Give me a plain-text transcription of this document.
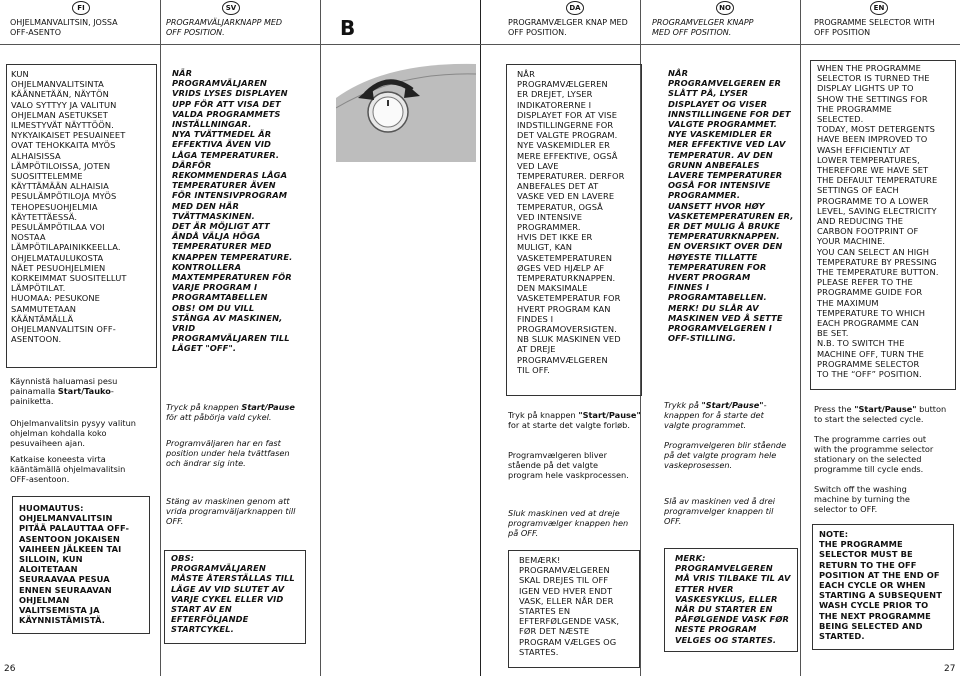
FI	SV	DA	NO	EN
OHJELMANVALITSIN, JOSSA
OFF-ASENTO
PROGRAMVÄLJARKNAPP MED
OFF POSITION.	B	PROGRAMVÆLGER KNAP MED
OFF POSITION.
PROGRAMVELGER KNAPP
MED OFF POSITION.
PROGRAMME SELECTOR WITH
OFF POSITION
KUN
OHJELMANVALITSINTA
KÄÄNNETÄÄN, NÄYTÖN
VALO SYTTYY JA VALITUN
OHJELMAN ASETUKSET
ILMESTYVÄT NÄYTTÖÖN.
NYKYAIKAISET PESUAINEET
OVAT TEHOKKAITA MYÖS
ALHAISISSA
LÄMPÖTILOISSA, JOTEN
SUOSITTELEMME
KÄYTTÄMÄÄN ALHAISIA
PESULÄMPÖTILOJA MYÖS
TEHOPESUOHJELMIA
KÄYTETTÄESSÄ.
PESULÄMPÖTILAA VOI
NOSTAA
LÄMPÖTILAPAINIKKEELLA.
OHJELMATAULUKOSTA
NÄET PESUOHJELMIEN
KORKEIMMAT SUOSITELLUT
LÄMPÖTILAT.
HUOMAA: PESUKONE
SAMMUTETAAN
KÄÄNTÄMÄLLÄ
OHJELMANVALITSIN OFF-
ASENTOON.
Käynnistä haluamasi pesu
painamalla Start/Tauko-
painiketta.
Ohjelmanvalitsin pysyy valitun
ohjelman kohdalla koko
pesuvaiheen ajan.
Katkaise koneesta virta
kääntämällä ohjelmavalitsin
OFF-asentoon.
HUOMAUTUS:
OHJELMANVALITSIN
PITÄÄ PALAUTTAA OFF-
ASENTOON JOKAISEN
VAIHEEN JÄLKEEN TAI
SILLOIN, KUN
ALOITETAAN
SEURAAVAA PESUA
ENNEN SEURAAVAN
OHJELMAN
VALITSEMISTA JA
KÄYNNISTÄMISTÄ.
NÄR
PROGRAMVÄLJAREN
VRIDS LYSES DISPLAYEN
UPP FÖR ATT VISA DET
VALDA PROGRAMMETS
INSTÄLLNINGAR.
NYA TVÄTTMEDEL ÄR
EFFEKTIVA ÄVEN VID
LÅGA TEMPERATURER.
DÄRFÖR
REKOMMENDERAS LÅGA
TEMPERATURER ÄVEN
FÖR INTENSIVPROGRAM
MED DEN HÄR
TVÄTTMASKINEN.
DET ÄR MÖJLIGT ATT
ÄNDÅ VÄLJA HÖGA
TEMPERATURER MED
KNAPPEN TEMPERATURE.
KONTROLLERA
MAXTEMPERATUREN FÖR
VARJE PROGRAM I
PROGRAMTABELLEN
OBS! OM DU VILL
STÄNGA AV MASKINEN,
VRID
PROGRAMVÄLJAREN TILL
LÄGET "OFF".
Tryck på knappen Start/Pause
för att påbörja vald cykel.
Programväljaren har en fast
position under hela tvättfasen
och ändrar sig inte.
Stäng av maskinen genom att
vrida programväljarknappen till
OFF.
OBS:
PROGRAMVÄLJAREN
MÅSTE ÅTERSTÄLLAS TILL
LÄGE AV VID SLUTET AV
VARJE CYKEL ELLER VID
START AV EN
EFTERFÖLJANDE
STARTCYKEL.
NÅR
PROGRAMVÆLGEREN
ER DREJET, LYSER
INDIKATORERNE I
DISPLAYET FOR AT VISE
INDSTILLINGERNE FOR
DET VALGTE PROGRAM.
NYE VASKEMIDLER ER
MERE EFFEKTIVE, OGSÅ
VED LAVE
TEMPERATURER. DERFOR
ANBEFALES DET AT
VASKE VED EN LAVERE
TEMPERATUR, OGSÅ
VED INTENSIVE
PROGRAMMER.
HVIS DET IKKE ER
MULIGT, KAN
VASKETEMPERATUREN
ØGES VED HJÆLP AF
TEMPERATURKNAPPEN.
DEN MAKSIMALE
VASKETEMPERATUR FOR
HVERT PROGRAM KAN
FINDES I
PROGRAMOVERSIGTEN.
NB SLUK MASKINEN VED
AT DREJE
PROGRAMVÆLGEREN
TIL OFF.
Tryk på knappen "Start/Pause"
for at starte det valgte forløb.
Programvælgeren bliver
stående på det valgte
program hele vaskprocessen.
Sluk maskinen ved at dreje
programvælger knappen hen
på OFF.
BEMÆRK!
PROGRAMVÆLGEREN
SKAL DREJES TIL OFF
IGEN VED HVER ENDT
VASK, ELLER NÅR DER
STARTES EN
EFTERFØLGENDE VASK,
FØR DET NÆSTE
PROGRAM VÆLGES OG
STARTES.
NÅR
PROGRAMVELGEREN ER
SLÅTT PÅ, LYSER
DISPLAYET OG VISER
INNSTILLINGENE FOR DET
VALGTE PROGRAMMET.
NYE VASKEMIDLER ER
MER EFFEKTIVE VED LAV
TEMPERATUR. AV DEN
GRUNN ANBEFALES
LAVERE TEMPERATURER
OGSÅ FOR INTENSIVE
PROGRAMMER.
UANSETT HVOR HØY
VASKETEMPERATUREN ER,
ER DET MULIG Å BRUKE
TEMPERATURKNAPPEN.
EN OVERSIKT OVER DEN
HØYESTE TILLATTE
TEMPERATUREN FOR
HVERT PROGRAM
FINNES I
PROGRAMTABELLEN.
MERK! DU SLÅR AV
MASKINEN VED Å SETTE
PROGRAMVELGEREN I
OFF-STILLING.
Trykk på "Start/Pause"-
knappen for å starte det
valgte programmet.
Programvelgeren blir stående
på det valgte program hele
vaskeprosessen.
Slå av maskinen ved å drei
programvelger knappen til
OFF.
MERK:
PROGRAMVELGEREN
MÅ VRIS TILBAKE TIL AV
ETTER HVER
VASKESYKLUS, ELLER
NÅR DU STARTER EN
PÅFØLGENDE VASK FØR
NESTE PROGRAM
VELGES OG STARTES.
WHEN THE PROGRAMME
SELECTOR IS TURNED THE
DISPLAY LIGHTS UP TO
SHOW THE SETTINGS FOR
THE PROGRAMME
SELECTED.
TODAY, MOST DETERGENTS
HAVE BEEN IMPROVED TO
WASH EFFICIENTLY AT
LOWER TEMPERATURES,
THEREFORE WE HAVE SET
THE DEFAULT TEMPERATURE
SETTINGS OF EACH
PROGRAMME TO A LOWER
LEVEL, SAVING ELECTRICITY
AND REDUCING THE
CARBON FOOTPRINT OF
YOUR MACHINE.
YOU CAN SELECT AN HIGH
TEMPERATURE BY PRESSING
THE TEMPERATURE BUTTON.
PLEASE REFER TO THE
PROGRAMME GUIDE FOR
THE MAXIMUM
TEMPERATURE TO WHICH
EACH PROGRAMME CAN
BE SET.
N.B. TO SWITCH THE
MACHINE OFF, TURN THE
PROGRAMME SELECTOR
TO THE “OFF” POSITION.
Press the "Start/Pause" button
to start the selected cycle.
The programme carries out
with the programme selector
stationary on the selected
programme till cycle ends.
Switch off the washing
machine by turning the
selector to OFF.
NOTE:
THE PROGRAMME
SELECTOR MUST BE
RETURN TO THE OFF
POSITION AT THE END OF
EACH CYCLE OR WHEN
STARTING A SUBSEQUENT
WASH CYCLE PRIOR TO
THE NEXT PROGRAMME
BEING SELECTED AND
STARTED.
26	27
